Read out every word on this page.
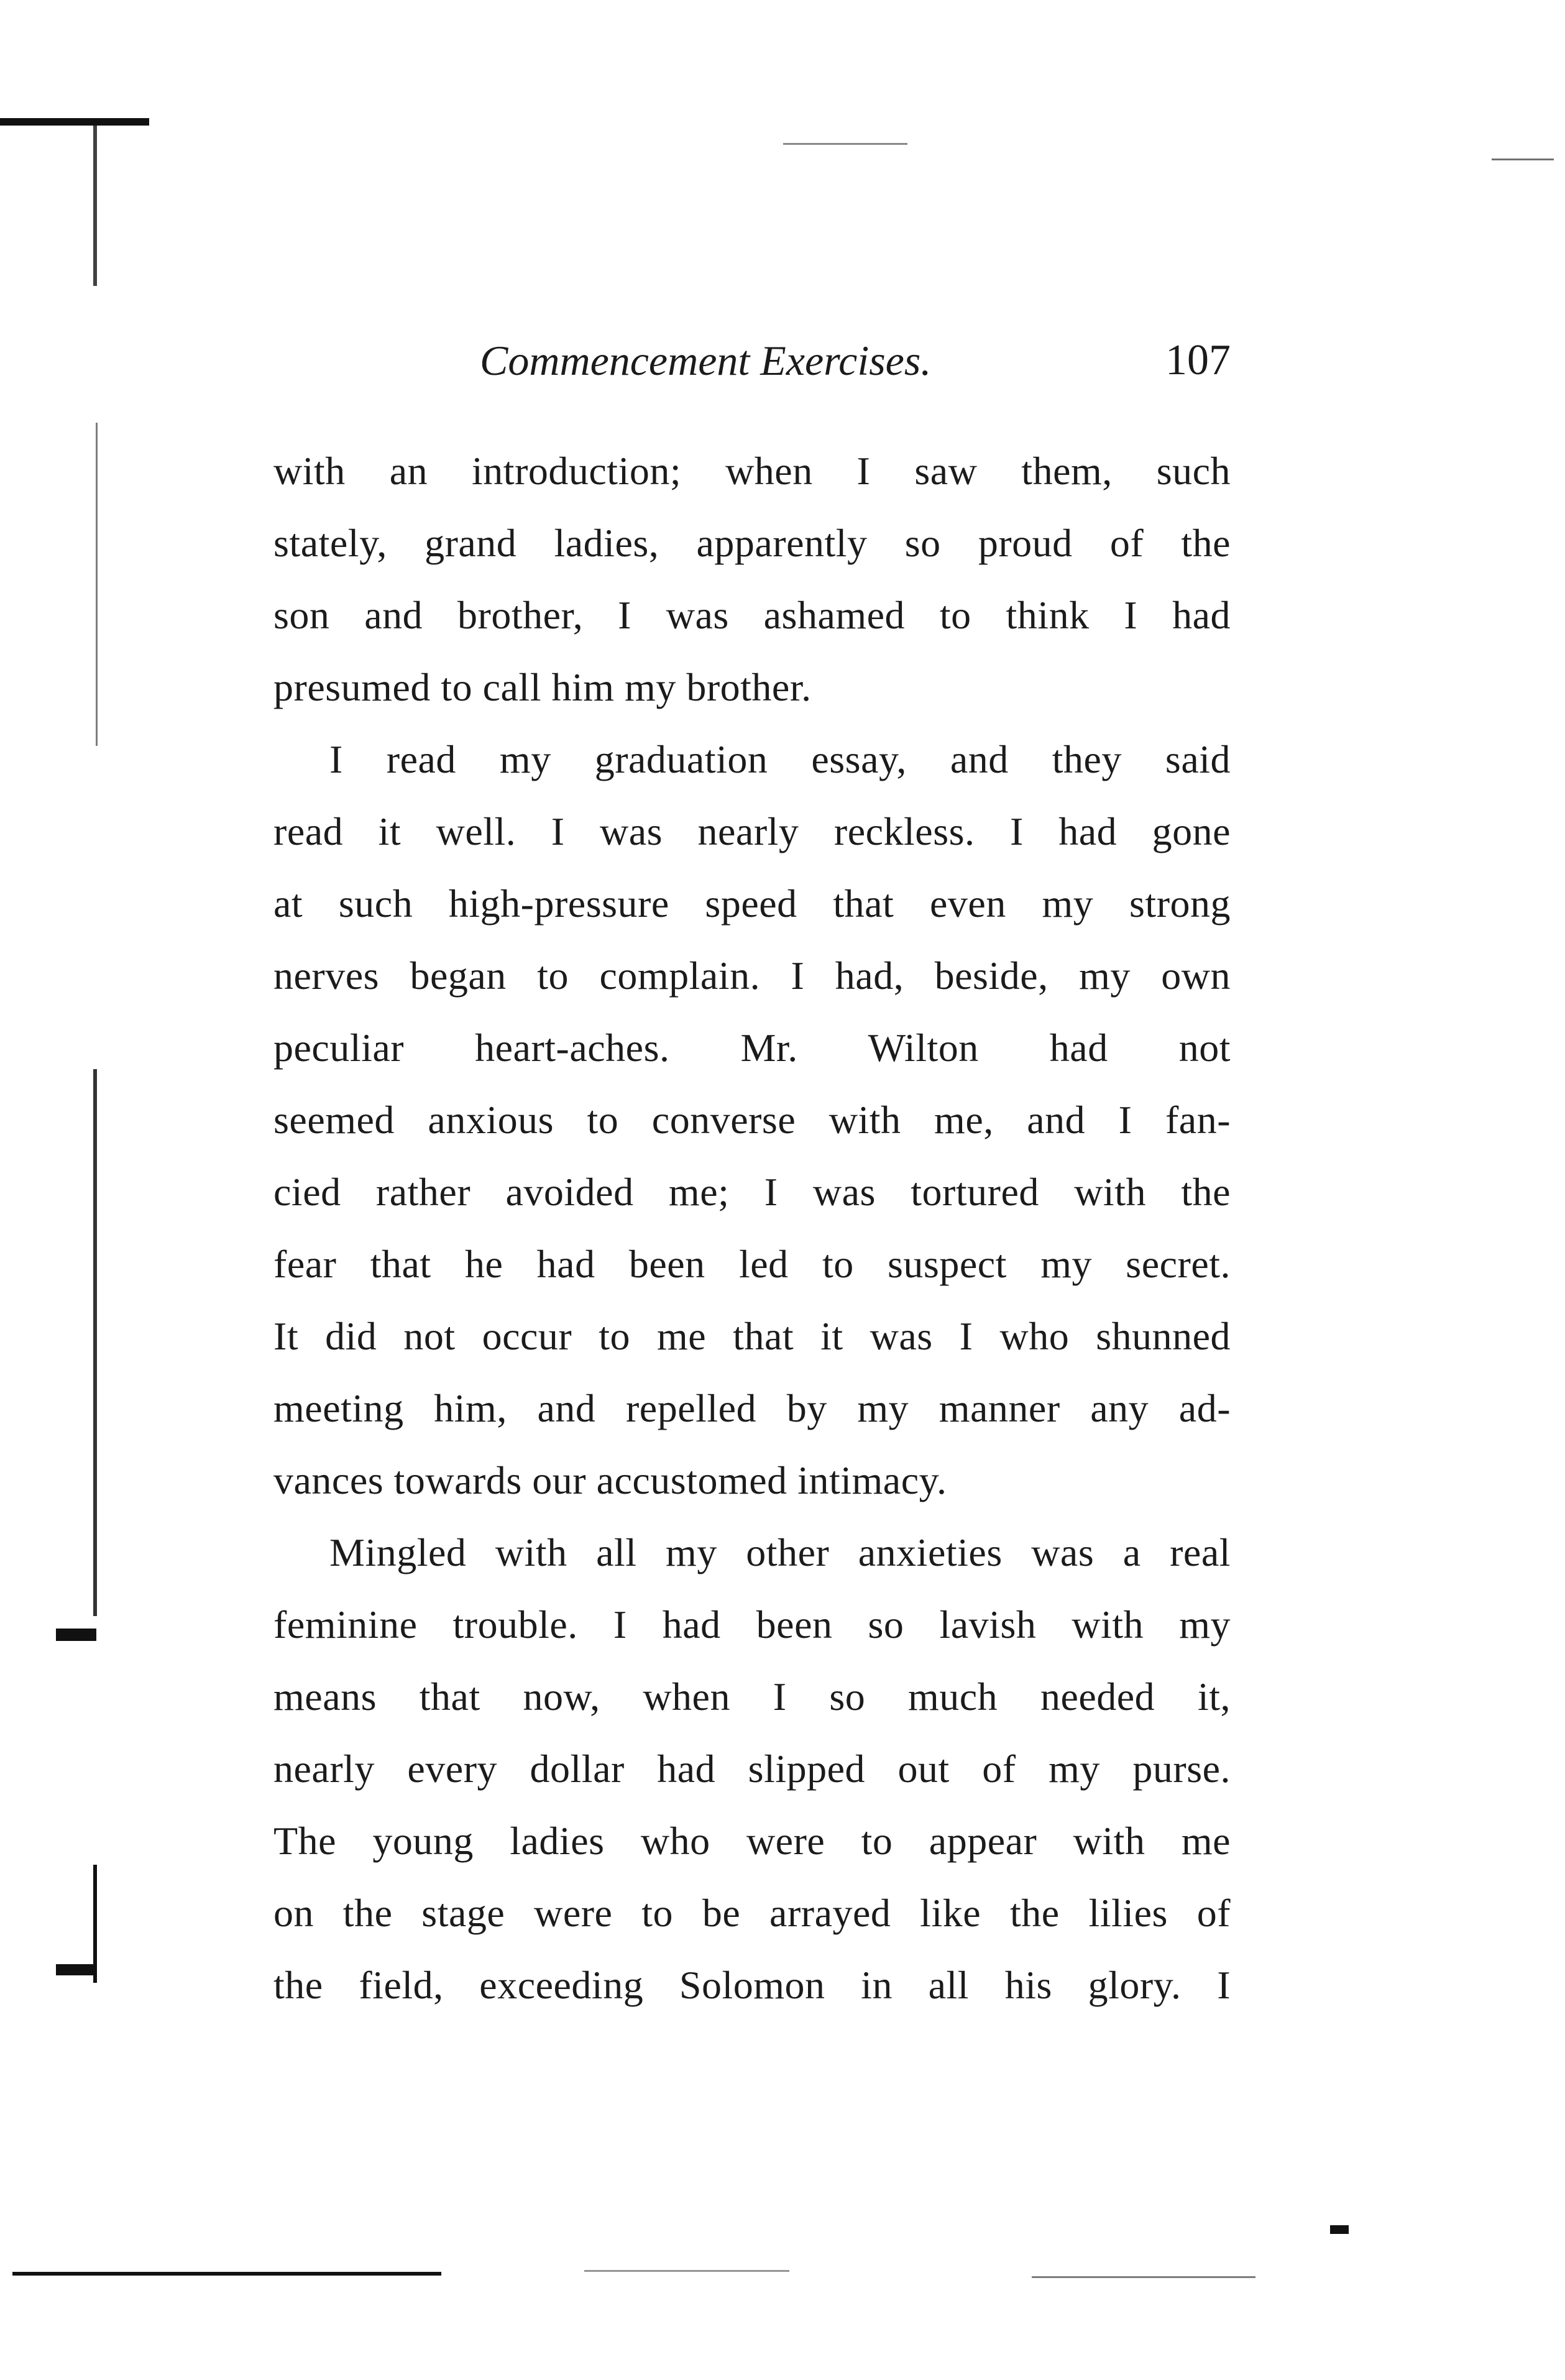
Commencement Exercises.	107
with an introduction; when I saw them, such
stately, grand ladies, apparently so proud of the
son and brother, I was ashamed to think I had
presumed to call him my brother.
I read my graduation essay, and they said
read it well. I was nearly reckless. I had gone
at such high-pressure speed that even my strong
nerves began to complain. I had, beside, my own
peculiar heart-aches. Mr. Wilton had not
seemed anxious to converse with me, and I fan-
cied rather avoided me; I was tortured with the
fear that he had been led to suspect my secret.
It did not occur to me that it was I who shunned
meeting him, and repelled by my manner any ad-
vances towards our accustomed intimacy.
Mingled with all my other anxieties was a real
feminine trouble. I had been so lavish with my
means that now, when I so much needed it,
nearly every dollar had slipped out of my purse.
The young ladies who were to appear with me
on the stage were to be arrayed like the lilies of
the field, exceeding Solomon in all his glory. I
